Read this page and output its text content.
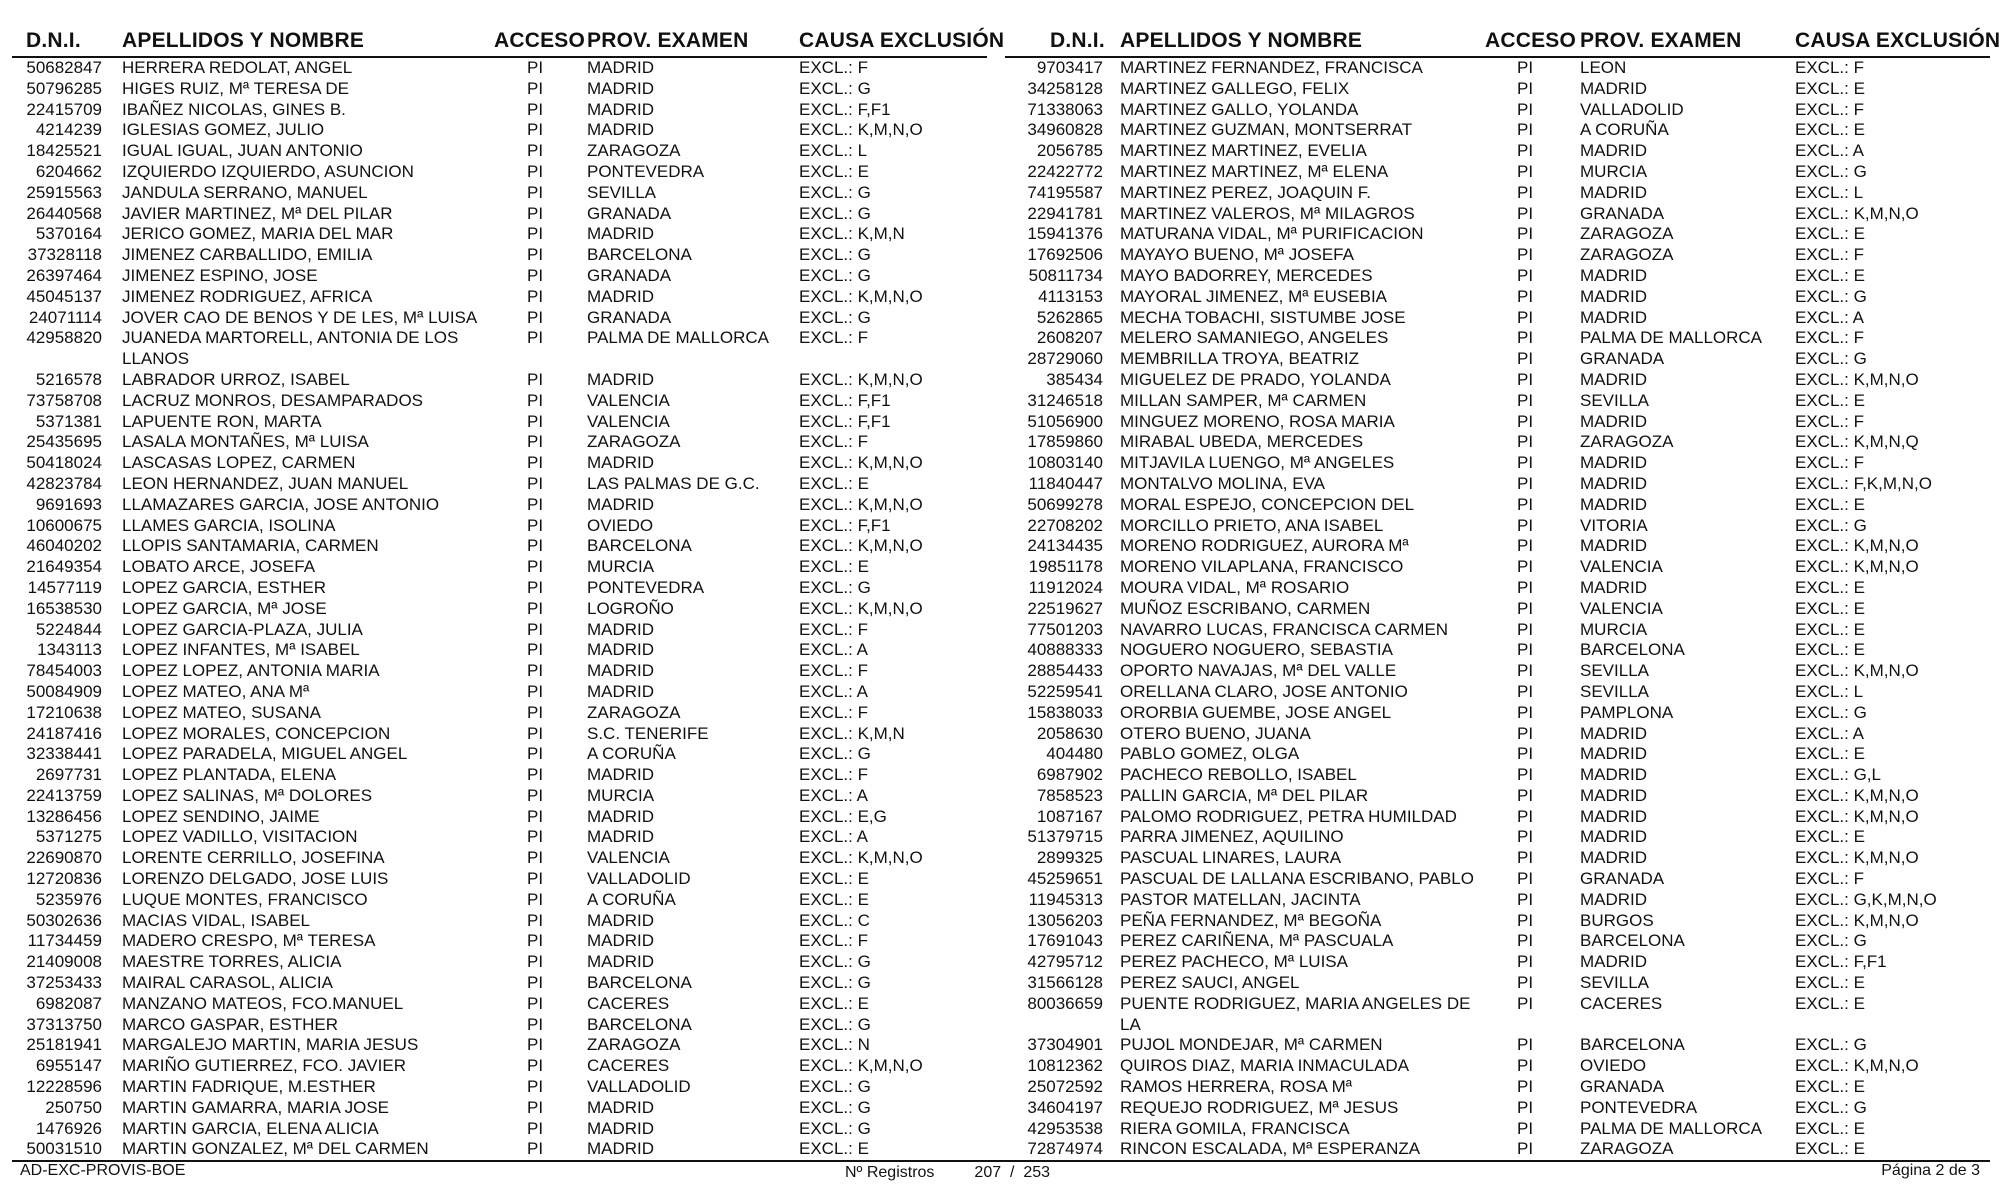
D.N.I. APELLIDOS Y NOMBRE	ACCESO PROV. EXAMEN CAUSA EXCLUSIÓN
50682847 HERRERA REDOLAT, ANGEL	PI	MADRID	EXCL.: F
50796285 HIGES RUIZ, Mª TERESA DE	PI	MADRID	EXCL.: G
22415709 IBAÑEZ NICOLAS, GINES B.	PI	MADRID	EXCL.: F,F1
4214239 IGLESIAS GOMEZ, JULIO	PI	MADRID	EXCL.: K,M,N,O
18425521 IGUAL IGUAL, JUAN ANTONIO	PI	ZARAGOZA	EXCL.: L
6204662 IZQUIERDO IZQUIERDO, ASUNCION	PI	PONTEVEDRA	EXCL.: E
25915563 JANDULA SERRANO, MANUEL	PI	SEVILLA	EXCL.: G
26440568 JAVIER MARTINEZ, Mª DEL PILAR	PI	GRANADA	EXCL.: G
5370164 JERICO GOMEZ, MARIA DEL MAR	PI	MADRID	EXCL.: K,M,N
37328118 JIMENEZ CARBALLIDO, EMILIA	PI	BARCELONA	EXCL.: G
26397464 JIMENEZ ESPINO, JOSE	PI	GRANADA	EXCL.: G
45045137 JIMENEZ RODRIGUEZ, AFRICA	PI	MADRID	EXCL.: K,M,N,O
24071114 JOVER CAO DE BENOS Y DE LES, Mª LUISA	PI	GRANADA	EXCL.: G
42958820 JUANEDA MARTORELL, ANTONIA DE LOS LLANOS
PI	PALMA DE MALLORCA	EXCL.: F
5216578 LABRADOR URROZ, ISABEL	PI	MADRID	EXCL.: K,M,N,O
73758708 LACRUZ MONROS, DESAMPARADOS	PI	VALENCIA	EXCL.: F,F1
5371381 LAPUENTE RON, MARTA	PI	VALENCIA	EXCL.: F,F1
25435695 LASALA MONTAÑES, Mª LUISA	PI	ZARAGOZA	EXCL.: F
50418024 LASCASAS LOPEZ, CARMEN	PI	MADRID	EXCL.: K,M,N,O
42823784 LEON HERNANDEZ, JUAN MANUEL	PI	LAS PALMAS DE G.C.	EXCL.: E
9691693 LLAMAZARES GARCIA, JOSE ANTONIO	PI	MADRID	EXCL.: K,M,N,O
10600675 LLAMES GARCIA, ISOLINA	PI	OVIEDO	EXCL.: F,F1
46040202 LLOPIS SANTAMARIA, CARMEN	PI	BARCELONA	EXCL.: K,M,N,O
21649354 LOBATO ARCE, JOSEFA	PI	MURCIA	EXCL.: E
14577119 LOPEZ GARCIA, ESTHER	PI	PONTEVEDRA	EXCL.: G
16538530 LOPEZ GARCIA, Mª JOSE	PI	LOGROÑO	EXCL.: K,M,N,O
5224844 LOPEZ GARCIA-PLAZA, JULIA	PI	MADRID	EXCL.: F
1343113 LOPEZ INFANTES, Mª ISABEL	PI	MADRID	EXCL.: A
78454003 LOPEZ LOPEZ, ANTONIA MARIA	PI	MADRID	EXCL.: F
50084909 LOPEZ MATEO, ANA Mª	PI	MADRID	EXCL.: A
17210638 LOPEZ MATEO, SUSANA	PI	ZARAGOZA	EXCL.: F
24187416 LOPEZ MORALES, CONCEPCION	PI	S.C. TENERIFE	EXCL.: K,M,N
32338441 LOPEZ PARADELA, MIGUEL ANGEL	PI	A CORUÑA	EXCL.: G
2697731 LOPEZ PLANTADA, ELENA	PI	MADRID	EXCL.: F
22413759 LOPEZ SALINAS, Mª DOLORES	PI	MURCIA	EXCL.: A
13286456 LOPEZ SENDINO, JAIME	PI	MADRID	EXCL.: E,G
5371275 LOPEZ VADILLO, VISITACION	PI	MADRID	EXCL.: A
22690870 LORENTE CERRILLO, JOSEFINA	PI	VALENCIA	EXCL.: K,M,N,O
12720836 LORENZO DELGADO, JOSE LUIS	PI	VALLADOLID	EXCL.: E
5235976 LUQUE MONTES, FRANCISCO	PI	A CORUÑA	EXCL.: E
50302636 MACIAS VIDAL, ISABEL	PI	MADRID	EXCL.: C
11734459 MADERO CRESPO, Mª TERESA	PI	MADRID	EXCL.: F
21409008 MAESTRE TORRES, ALICIA	PI	MADRID	EXCL.: G
37253433 MAIRAL CARASOL, ALICIA	PI	BARCELONA	EXCL.: G
6982087 MANZANO MATEOS, FCO.MANUEL	PI	CACERES	EXCL.: E
37313750 MARCO GASPAR, ESTHER	PI	BARCELONA	EXCL.: G
25181941 MARGALEJO MARTIN, MARIA JESUS	PI	ZARAGOZA	EXCL.: N
6955147 MARIÑO GUTIERREZ, FCO. JAVIER	PI	CACERES	EXCL.: K,M,N,O
12228596 MARTIN FADRIQUE, M.ESTHER	PI	VALLADOLID	EXCL.: G
250750 MARTIN GAMARRA, MARIA JOSE	PI	MADRID	EXCL.: G
1476926 MARTIN GARCIA, ELENA ALICIA	PI	MADRID	EXCL.: G
50031510 MARTIN GONZALEZ, Mª DEL CARMEN	PI	MADRID	EXCL.: E
D.N.I. APELLIDOS Y NOMBRE	ACCESO PROV. EXAMEN	CAUSA EXCLUSIÓN
9703417 MARTINEZ FERNANDEZ, FRANCISCA	PI	LEON	EXCL.: F
34258128 MARTINEZ GALLEGO, FELIX	PI	MADRID	EXCL.: E
71338063 MARTINEZ GALLO, YOLANDA	PI	VALLADOLID	EXCL.: F
34960828 MARTINEZ GUZMAN, MONTSERRAT	PI	A CORUÑA	EXCL.: E
2056785 MARTINEZ MARTINEZ, EVELIA	PI	MADRID	EXCL.: A
22422772 MARTINEZ MARTINEZ, Mª ELENA	PI	MURCIA	EXCL.: G
74195587 MARTINEZ PEREZ, JOAQUIN F.	PI	MADRID	EXCL.: L
22941781 MARTINEZ VALEROS, Mª MILAGROS	PI	GRANADA	EXCL.: K,M,N,O
15941376 MATURANA VIDAL, Mª PURIFICACION	PI	ZARAGOZA	EXCL.: E
17692506 MAYAYO BUENO, Mª JOSEFA	PI	ZARAGOZA	EXCL.: F
50811734 MAYO BADORREY, MERCEDES	PI	MADRID	EXCL.: E
4113153 MAYORAL JIMENEZ, Mª EUSEBIA	PI	MADRID	EXCL.: G
5262865 MECHA TOBACHI, SISTUMBE JOSE	PI	MADRID	EXCL.: A
2608207 MELERO SAMANIEGO, ANGELES	PI	PALMA DE MALLORCA	EXCL.: F
28729060 MEMBRILLA TROYA, BEATRIZ	PI	GRANADA	EXCL.: G
385434 MIGUELEZ DE PRADO, YOLANDA	PI	MADRID	EXCL.: K,M,N,O
31246518 MILLAN SAMPER, Mª CARMEN	PI	SEVILLA	EXCL.: E
51056900 MINGUEZ MORENO, ROSA MARIA	PI	MADRID	EXCL.: F
17859860 MIRABAL UBEDA, MERCEDES	PI	ZARAGOZA	EXCL.: K,M,N,Q
10803140 MITJAVILA LUENGO, Mª ANGELES	PI	MADRID	EXCL.: F
11840447 MONTALVO MOLINA, EVA	PI	MADRID	EXCL.: F,K,M,N,O
50699278 MORAL ESPEJO, CONCEPCION DEL	PI	MADRID	EXCL.: E
22708202 MORCILLO PRIETO, ANA ISABEL	PI	VITORIA	EXCL.: G
24134435 MORENO RODRIGUEZ, AURORA Mª	PI	MADRID	EXCL.: K,M,N,O
19851178 MORENO VILAPLANA, FRANCISCO	PI	VALENCIA	EXCL.: K,M,N,O
11912024 MOURA VIDAL, Mª ROSARIO	PI	MADRID	EXCL.: E
22519627 MUÑOZ ESCRIBANO, CARMEN	PI	VALENCIA	EXCL.: E
77501203 NAVARRO LUCAS, FRANCISCA CARMEN	PI	MURCIA	EXCL.: E
40888333 NOGUERO NOGUERO, SEBASTIA	PI	BARCELONA	EXCL.: E
28854433 OPORTO NAVAJAS, Mª DEL VALLE	PI	SEVILLA	EXCL.: K,M,N,O
52259541 ORELLANA CLARO, JOSE ANTONIO	PI	SEVILLA	EXCL.: L
15838033 ORORBIA GUEMBE, JOSE ANGEL	PI	PAMPLONA	EXCL.: G
2058630 OTERO BUENO, JUANA	PI	MADRID	EXCL.: A
404480 PABLO GOMEZ, OLGA	PI	MADRID	EXCL.: E
6987902 PACHECO REBOLLO, ISABEL	PI	MADRID	EXCL.: G,L
7858523 PALLIN GARCIA, Mª DEL PILAR	PI	MADRID	EXCL.: K,M,N,O
1087167 PALOMO RODRIGUEZ, PETRA HUMILDAD	PI	MADRID	EXCL.: K,M,N,O
51379715 PARRA JIMENEZ, AQUILINO	PI	MADRID	EXCL.: E
2899325 PASCUAL LINARES, LAURA	PI	MADRID	EXCL.: K,M,N,O
45259651 PASCUAL DE LALLANA ESCRIBANO, PABLO	PI	GRANADA	EXCL.: F
11945313 PASTOR MATELLAN, JACINTA	PI	MADRID	EXCL.: G,K,M,N,O
13056203 PEÑA FERNANDEZ, Mª BEGOÑA	PI	BURGOS	EXCL.: K,M,N,O
17691043 PEREZ CARIÑENA, Mª PASCUALA	PI	BARCELONA	EXCL.: G
42795712 PEREZ PACHECO, Mª LUISA	PI	MADRID	EXCL.: F,F1
31566128 PEREZ SAUCI, ANGEL	PI	SEVILLA	EXCL.: E
80036659 PUENTE RODRIGUEZ, MARIA ANGELES DE LA
PI	CACERES	EXCL.: E
37304901 PUJOL MONDEJAR, Mª CARMEN	PI	BARCELONA	EXCL.: G
10812362 QUIROS DIAZ, MARIA INMACULADA	PI	OVIEDO	EXCL.: K,M,N,O
25072592 RAMOS HERRERA, ROSA Mª	PI	GRANADA	EXCL.: E
34604197 REQUEJO RODRIGUEZ, Mª JESUS	PI	PONTEVEDRA	EXCL.: G
42953538 RIERA GOMILA, FRANCISCA	PI	PALMA DE MALLORCA	EXCL.: E
72874974 RINCON ESCALADA, Mª ESPERANZA	PI	ZARAGOZA	EXCL.: E
AD-EXC-PROVIS-BOE	Nº Registros         207  /  253	Página 2 de 3
